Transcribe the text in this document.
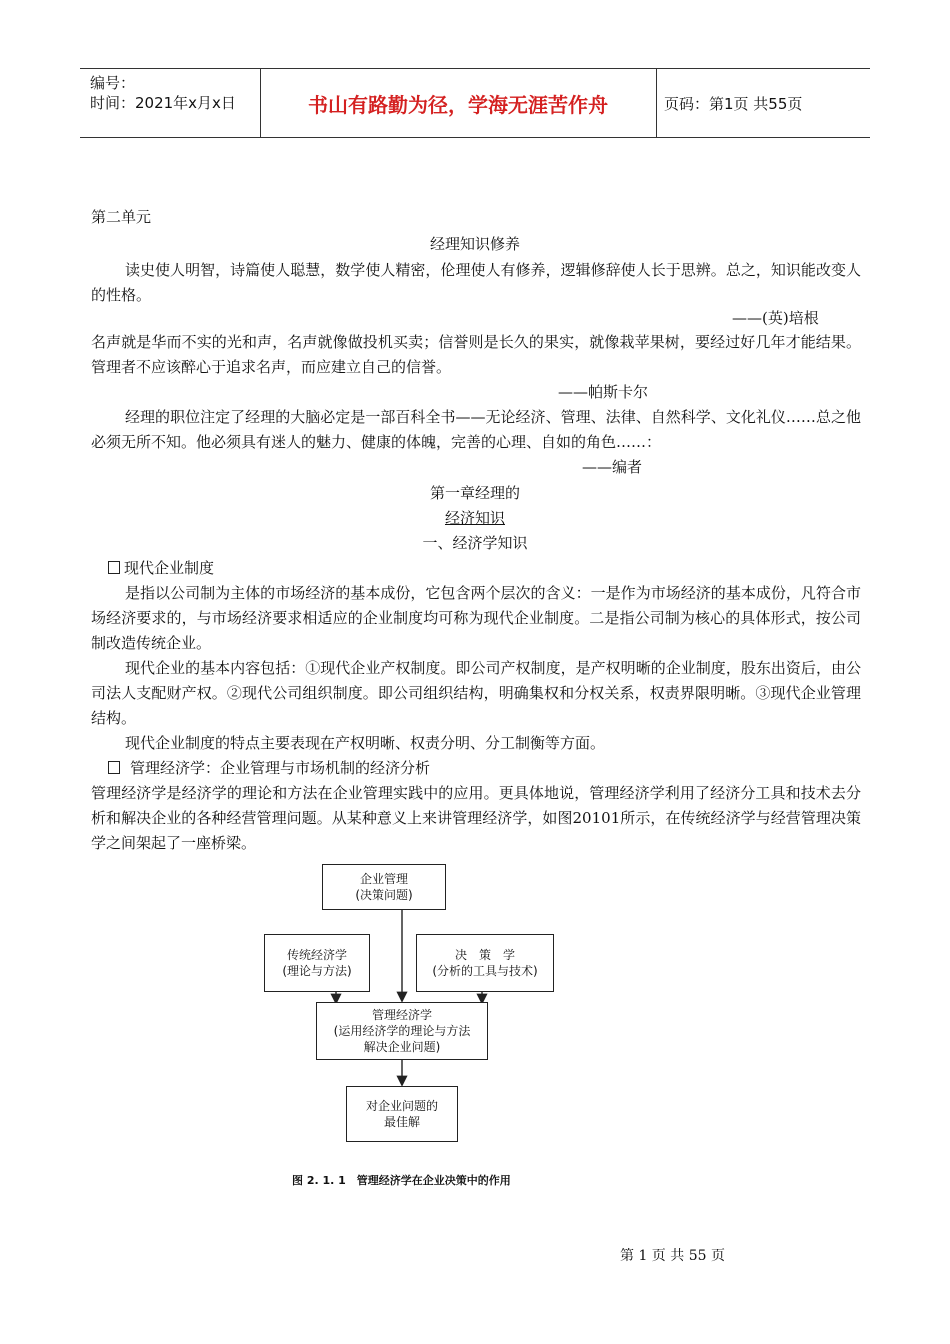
编号：
时间：2021年x月x日	书山有路勤为径，学海无涯苦作舟	页码：第1页 共55页
第二单元
经理知识修养
读史使人明智，诗篇使人聪慧，数学使人精密，伦理使人有修养，逻辑修辞使人长于思辨。总之，知识能改变人的性格。
——(英)培根
名声就是华而不实的光和声，名声就像做投机买卖；信誉则是长久的果实，就像栽苹果树，要经过好几年才能结果。管理者不应该醉心于追求名声，而应建立自己的信誉。
——帕斯卡尔
经理的职位注定了经理的大脑必定是一部百科全书——无论经济、管理、法律、自然科学、文化礼仪……总之他必须无所不知。他必须具有迷人的魅力、健康的体魄，完善的心理、自如的角色……：
——编者
第一章经理的
经济知识
一、经济学知识
现代企业制度
是指以公司制为主体的市场经济的基本成份，它包含两个层次的含义：一是作为市场经济的基本成份，凡符合市场经济要求的，与市场经济要求相适应的企业制度均可称为现代企业制度。二是指公司制为核心的具体形式，按公司制改造传统企业。
现代企业的基本内容包括：①现代企业产权制度。即公司产权制度，是产权明晰的企业制度，股东出资后，由公司法人支配财产权。②现代公司组织制度。即公司组织结构，明确集权和分权关系，权责界限明晰。③现代企业管理结构。
现代企业制度的特点主要表现在产权明晰、权责分明、分工制衡等方面。
管理经济学：企业管理与市场机制的经济分析
管理经济学是经济学的理论和方法在企业管理实践中的应用。更具体地说，管理经济学利用了经济分工具和技术去分析和解决企业的各种经营管理问题。从某种意义上来讲管理经济学，如图20101所示，在传统经济学与经营管理决策学之间架起了一座桥梁。
企业管理
(决策问题)
传统经济学
(理论与方法)
决　策　学
(分析的工具与技术)
管理经济学
(运用经济学的理论与方法
解决企业问题)
对企业问题的
最佳解
图 2. 1. 1　管理经济学在企业决策中的作用
第 1 页 共 55 页
